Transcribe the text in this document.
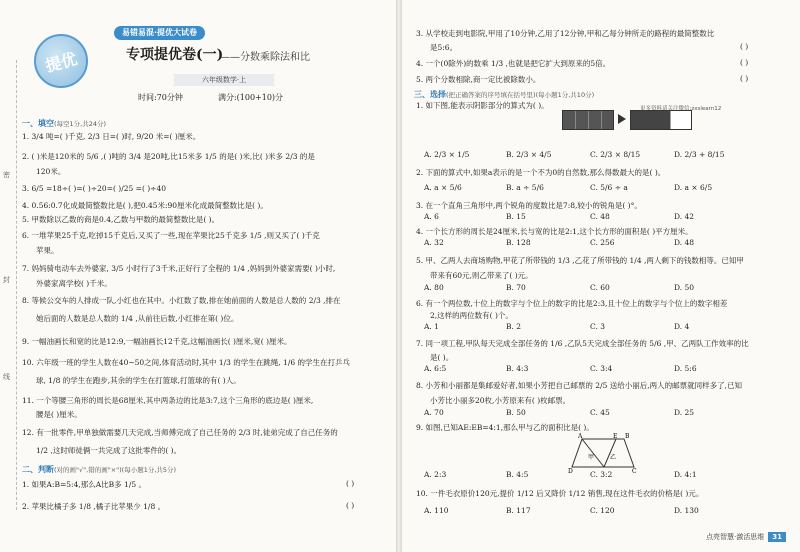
密
封
线
提优
易错易混·提优大试卷
专项提优卷(一)
——分数乘除法和比
六年级数学·上
时间:70分钟	满分:(100+10)分
一、填空(每空1分,共24分)
1. 3/4 吨=( )千克, 2/3 日=( )时, 9/20 米=( )厘米。
2. ( )米是120米的 5/6 ,( )吨的 3/4 是20吨,比15米多 1/5 的是( )米,比( )米多 2/3 的是
120米。
3. 6/5 =18÷( )=( )÷20=( )/25 =( )÷40
4. 0.56:0.7化成最简整数比是( ),把0.45米:90厘米化成最简整数比是( )。
5. 甲数除以乙数的商是0.4,乙数与甲数的最简整数比是( )。
6. 一堆苹果25千克,吃掉15千克后,又买了一些,现在苹果比25千克多 1/5 ,则又买了( )千克
苹果。
7. 妈妈骑电动车去外婆家, 3/5 小时行了3千米,正好行了全程的 1/4 ,妈妈到外婆家需要( )小时,
外婆家离学校( )千米。
8. 等候公交车的人排成一队,小红也在其中。小红数了数,排在她前面的人数是总人数的 2/3 ,排在
她后面的人数是总人数的 1/4 ,从前往后数,小红排在第( )位。
9. 一幅油画长和宽的比是12:9,一幅油画长12千克,这幅油画长( )厘米,宽( )厘米。
10. 六年级一班的学生人数在40~50之间,体育活动时,其中 1/3 的学生在跳绳, 1/6 的学生在打乒乓
球, 1/8 的学生在跑步,其余的学生在打篮球,打篮球的有( )人。
11. 一个等腰三角形的周长是68厘米,其中两条边的比是3:7,这个三角形的底边是( )厘米,
腰是( )厘米。
12. 有一批零件,甲单独做需要几天完成,当师傅完成了自己任务的 2/3 时,徒弟完成了自己任务的
1/2 ,这时师徒俩一共完成了这批零件的( )。
二、判断(对的画"√",错的画"×")(每小题1分,共5分)
1. 如果A:B=5:4,那么A比B多 1/5 。	( )
2. 苹果比橘子多 1/8 ,橘子比苹果少 1/8 。	( )
3. 从学校走到电影院,甲用了10分钟,乙用了12分钟,甲和乙每分钟所走的路程的最简整数比
是5:6。	( )
4. 一个(0除外)的数乘 1/3 ,也就是把它扩大到原来的5倍。	( )
5. 两个分数相除,商一定比被除数小。	( )
三、选择(把正确答案的序号填在括号里)(每小题1分,共10分)
1. 如下图,能表示阴影部分的算式为( )。
A. 2/3 × 1/5	B. 2/3 × 4/5	C. 2/3 × 8/15	D. 2/3 + 8/15
2. 下面的算式中,如果a表示的是一个不为0的自然数,那么得数最大的是( )。
A. a × 5/6	B. a ÷ 5/6	C. 5/6 ÷ a	D. a × 6/5
3. 在一个直角三角形中,两个锐角的度数比是7:8,较小的锐角是( )°。
A. 6	B. 15	C. 48	D. 42
4. 一个长方形的周长是24厘米,长与宽的比是2:1,这个长方形的面积是( )平方厘米。
A. 32	B. 128	C. 256	D. 48
5. 甲、乙两人去商场购物,甲花了所带钱的 1/3 ,乙花了所带钱的 1/4 ,两人剩下的钱数相等。已知甲
带来有60元,则乙带来了( )元。
A. 80	B. 70	C. 60	D. 50
6. 有一个两位数,十位上的数字与个位上的数字的比是2:3,且十位上的数字与个位上的数字相差
2,这样的两位数有( )个。
A. 1	B. 2	C. 3	D. 4
7. 同一项工程,甲队每天完成全部任务的 1/6 ,乙队5天完成全部任务的 5/6 ,甲、乙两队工作效率的比
是( )。
A. 6:5	B. 4:3	C. 3:4	D. 5:6
8. 小芳和小丽都是集邮爱好者,如果小芳把自己邮票的 2/5 送给小丽后,两人的邮票就同样多了,已知
小芳比小丽多20枚,小芳原来有( )枚邮票。
A. 70	B. 50	C. 45	D. 25
9. 如图,已知AE:EB=4:1,那么甲与乙的面积比是( )。
A. 2:3	B. 4:5	C. 3:2	D. 4:1
10. 一件毛衣原价120元,提价 1/12 后又降价 1/12 销售,现在这件毛衣的价格是( )元。
A. 110	B. 117	C. 120	D. 130
更多资料请关注微信:zxslearn12
A	E B
C
D
甲	乙
点亮智慧·激活思维 31
